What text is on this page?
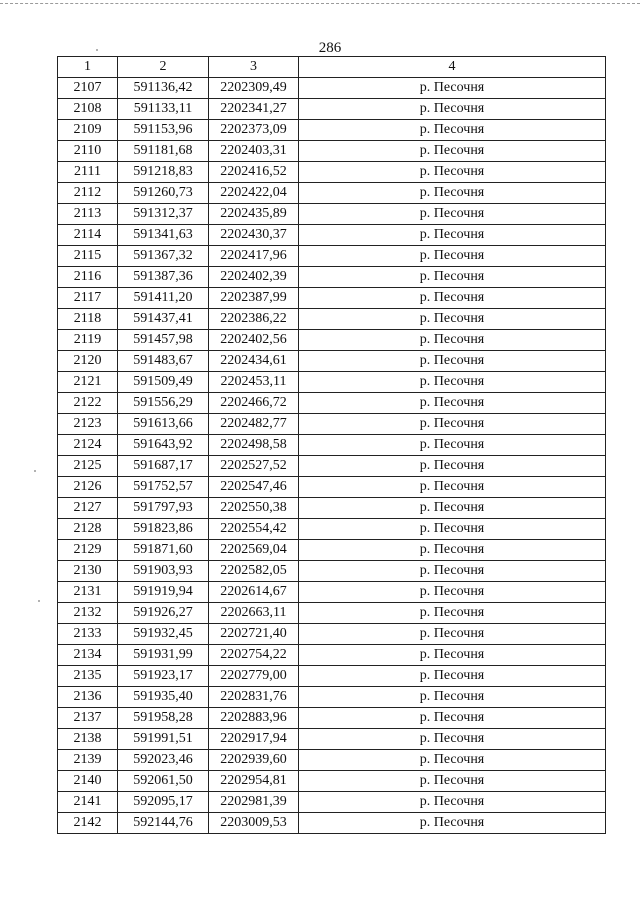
286
1	2	3	4
2107	591136,42	2202309,49	р. Песочня
2108	591133,11	2202341,27	р. Песочня
2109	591153,96	2202373,09	р. Песочня
2110	591181,68	2202403,31	р. Песочня
2111	591218,83	2202416,52	р. Песочня
2112	591260,73	2202422,04	р. Песочня
2113	591312,37	2202435,89	р. Песочня
2114	591341,63	2202430,37	р. Песочня
2115	591367,32	2202417,96	р. Песочня
2116	591387,36	2202402,39	р. Песочня
2117	591411,20	2202387,99	р. Песочня
2118	591437,41	2202386,22	р. Песочня
2119	591457,98	2202402,56	р. Песочня
2120	591483,67	2202434,61	р. Песочня
2121	591509,49	2202453,11	р. Песочня
2122	591556,29	2202466,72	р. Песочня
2123	591613,66	2202482,77	р. Песочня
2124	591643,92	2202498,58	р. Песочня
2125	591687,17	2202527,52	р. Песочня
2126	591752,57	2202547,46	р. Песочня
2127	591797,93	2202550,38	р. Песочня
2128	591823,86	2202554,42	р. Песочня
2129	591871,60	2202569,04	р. Песочня
2130	591903,93	2202582,05	р. Песочня
2131	591919,94	2202614,67	р. Песочня
2132	591926,27	2202663,11	р. Песочня
2133	591932,45	2202721,40	р. Песочня
2134	591931,99	2202754,22	р. Песочня
2135	591923,17	2202779,00	р. Песочня
2136	591935,40	2202831,76	р. Песочня
2137	591958,28	2202883,96	р. Песочня
2138	591991,51	2202917,94	р. Песочня
2139	592023,46	2202939,60	р. Песочня
2140	592061,50	2202954,81	р. Песочня
2141	592095,17	2202981,39	р. Песочня
2142	592144,76	2203009,53	р. Песочня
